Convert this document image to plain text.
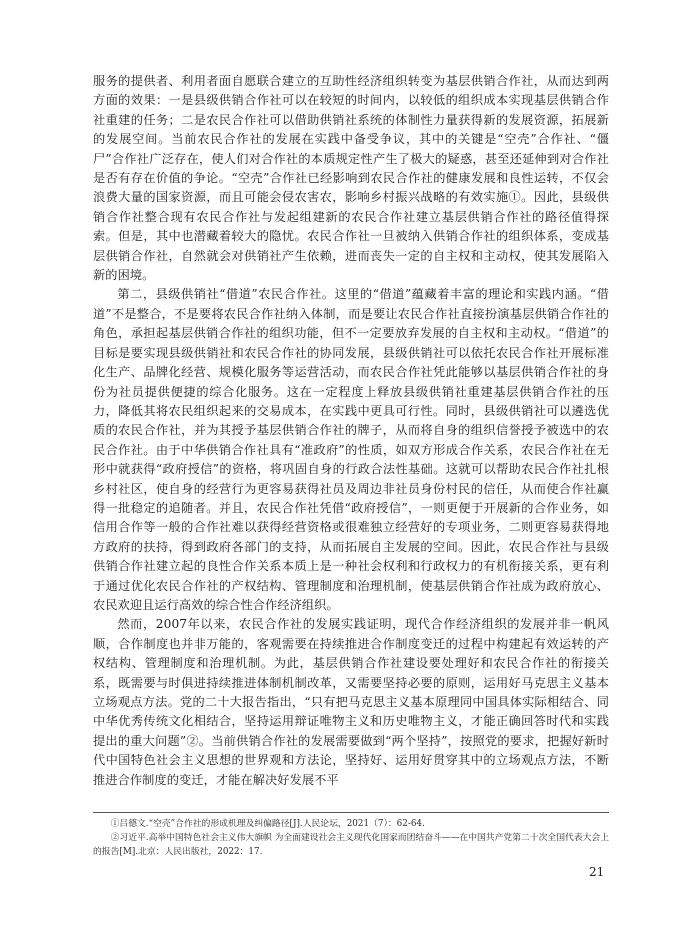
服务的提供者、利用者面自愿联合建立的互助性经济组织转变为基层供销合作社，从而达到两方面的效果：一是县级供销合作社可以在较短的时间内，以较低的组织成本实现基层供销合作社重建的任务；二是农民合作社可以借助供销社系统的体制性力量获得新的发展资源，拓展新的发展空间。当前农民合作社的发展在实践中备受争议，其中的关键是“空壳”合作社、“僵尸”合作社广泛存在，使人们对合作社的本质规定性产生了极大的疑惑，甚至还延伸到对合作社是否有存在价值的争论。“空壳”合作社已经影响到农民合作社的健康发展和良性运转，不仅会浪费大量的国家资源，而且可能会侵农害农，影响乡村振兴战略的有效实施①。因此，县级供销合作社整合现有农民合作社与发起组建新的农民合作社建立基层供销合作社的路径值得探索。但是，其中也潜藏着较大的隐忧。农民合作社一旦被纳入供销合作社的组织体系，变成基层供销合作社，自然就会对供销社产生依赖，进而丧失一定的自主权和主动权，使其发展陷入新的困境。

第二，县级供销社“借道”农民合作社。这里的“借道”蕴藏着丰富的理论和实践内涵。“借道”不是整合，不是要将农民合作社纳入体制，而是要让农民合作社直接扮演基层供销合作社的角色，承担起基层供销合作社的组织功能，但不一定要放弃发展的自主权和主动权。“借道”的目标是要实现县级供销社和农民合作社的协同发展，县级供销社可以依托农民合作社开展标准化生产、品牌化经营、规模化服务等运营活动，而农民合作社凭此能够以基层供销合作社的身份为社员提供便捷的综合化服务。这在一定程度上释放县级供销社重建基层供销合作社的压力，降低其将农民组织起来的交易成本，在实践中更具可行性。同时，县级供销社可以遴选优质的农民合作社，并为其授予基层供销合作社的牌子，从而将自身的组织信誉授予被选中的农民合作社。由于中华供销合作社具有“准政府”的性质，如双方形成合作关系，农民合作社在无形中就获得“政府授信”的资格，将巩固自身的行政合法性基础。这就可以帮助农民合作社扎根乡村社区，使自身的经营行为更容易获得社员及周边非社员身份村民的信任，从而使合作社赢得一批稳定的追随者。并且，农民合作社凭借“政府授信”，一则更便于开展新的合作业务，如信用合作等一般的合作社难以获得经营资格或很难独立经营好的专项业务，二则更容易获得地方政府的扶持，得到政府各部门的支持，从而拓展自主发展的空间。因此，农民合作社与县级供销合作社建立起的良性合作关系本质上是一种社会权利和行政权力的有机衔接关系，更有利于通过优化农民合作社的产权结构、管理制度和治理机制，使基层供销合作社成为政府放心、农民欢迎且运行高效的综合性合作经济组织。

然而，2007年以来，农民合作社的发展实践证明，现代合作经济组织的发展并非一帆风顺，合作制度也并非万能的，客观需要在持续推进合作制度变迁的过程中构建起有效运转的产权结构、管理制度和治理机制。为此，基层供销合作社建设要处理好和农民合作社的衔接关系，既需要与时俱进持续推进体制机制改革，又需要坚持必要的原则，运用好马克思主义基本立场观点方法。党的二十大报告指出，“只有把马克思主义基本原理同中国具体实际相结合、同中华优秀传统文化相结合，坚持运用辩证唯物主义和历史唯物主义，才能正确回答时代和实践提出的重大问题”②。当前供销合作社的发展需要做到“两个坚持”，按照党的要求，把握好新时代中国特色社会主义思想的世界观和方法论，坚持好、运用好贯穿其中的立场观点方法，不断推进合作制度的变迁，才能在解决好发展不平

①吕德文.“空壳”合作社的形成机理及纠偏路径[J].人民论坛，2021（7）：62-64.

②习近平.高举中国特色社会主义伟大旗帜 为全面建设社会主义现代化国家而团结奋斗——在中国共产党第二十次全国代表大会上的报告[M].北京：人民出版社，2022：17.

21
